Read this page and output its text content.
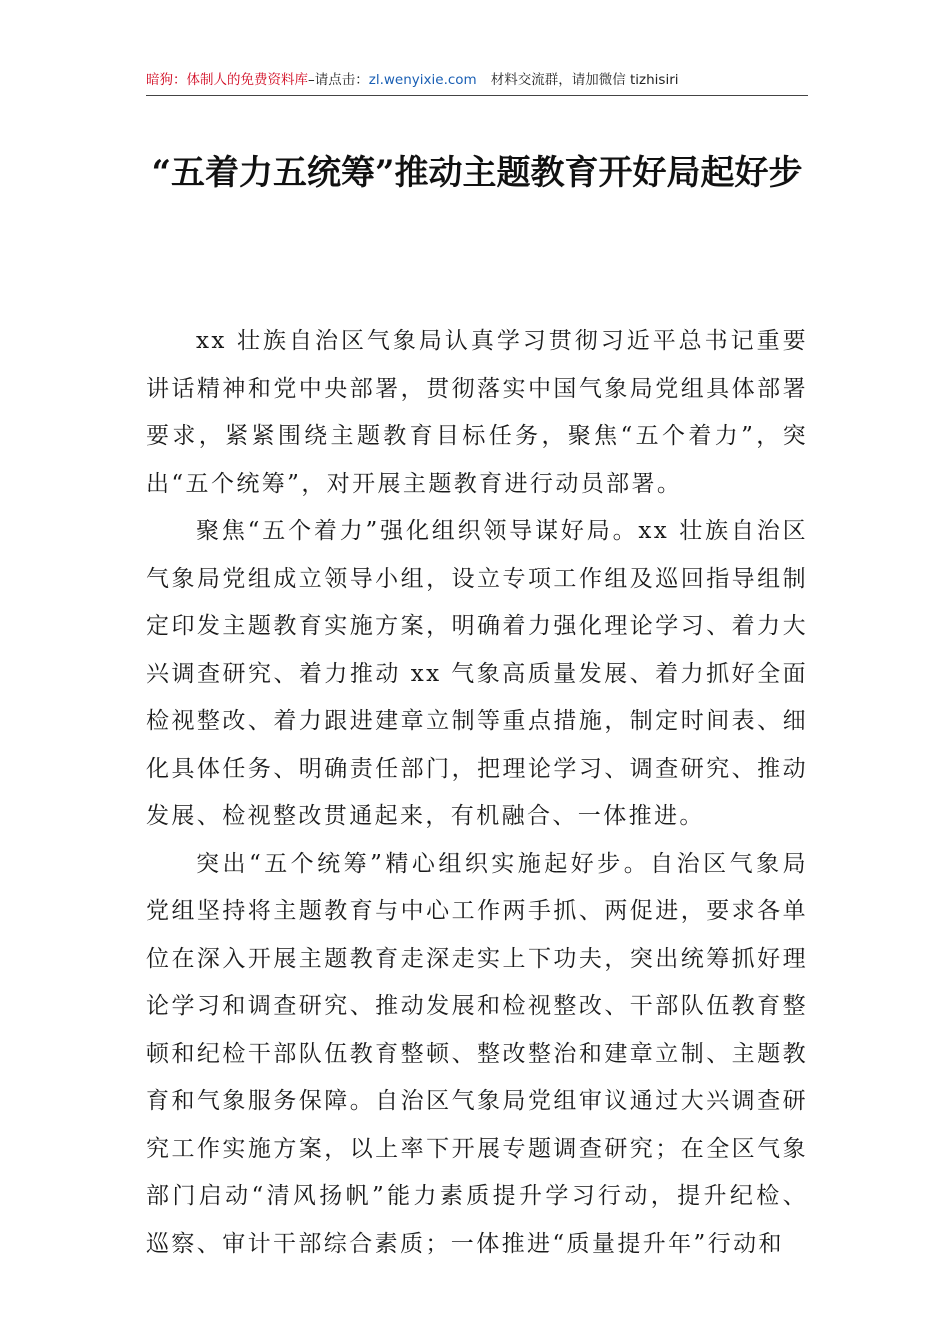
暗狗：体制人的免费资料库–请点击：zl.wenyixie.com 材料交流群，请加微信 tizhisiri
“五着力五统筹”推动主题教育开好局起好步

xx 壮族自治区气象局认真学习贯彻习近平总书记重要讲话精神和党中央部署，贯彻落实中国气象局党组具体部署要求，紧紧围绕主题教育目标任务，聚焦“五个着力”，突出“五个统筹”，对开展主题教育进行动员部署。

聚焦“五个着力”强化组织领导谋好局。xx 壮族自治区气象局党组成立领导小组，设立专项工作组及巡回指导组制定印发主题教育实施方案，明确着力强化理论学习、着力大兴调查研究、着力推动 xx 气象高质量发展、着力抓好全面检视整改、着力跟进建章立制等重点措施，制定时间表、细化具体任务、明确责任部门，把理论学习、调查研究、推动发展、检视整改贯通起来，有机融合、一体推进。

突出“五个统筹”精心组织实施起好步。自治区气象局党组坚持将主题教育与中心工作两手抓、两促进，要求各单位在深入开展主题教育走深走实上下功夫，突出统筹抓好理论学习和调查研究、推动发展和检视整改、干部队伍教育整顿和纪检干部队伍教育整顿、整改整治和建章立制、主题教育和气象服务保障。自治区气象局党组审议通过大兴调查研究工作实施方案，以上率下开展专题调查研究；在全区气象部门启动“清风扬帆”能力素质提升学习行动，提升纪检、巡察、审计干部综合素质；一体推进“质量提升年”行动和
